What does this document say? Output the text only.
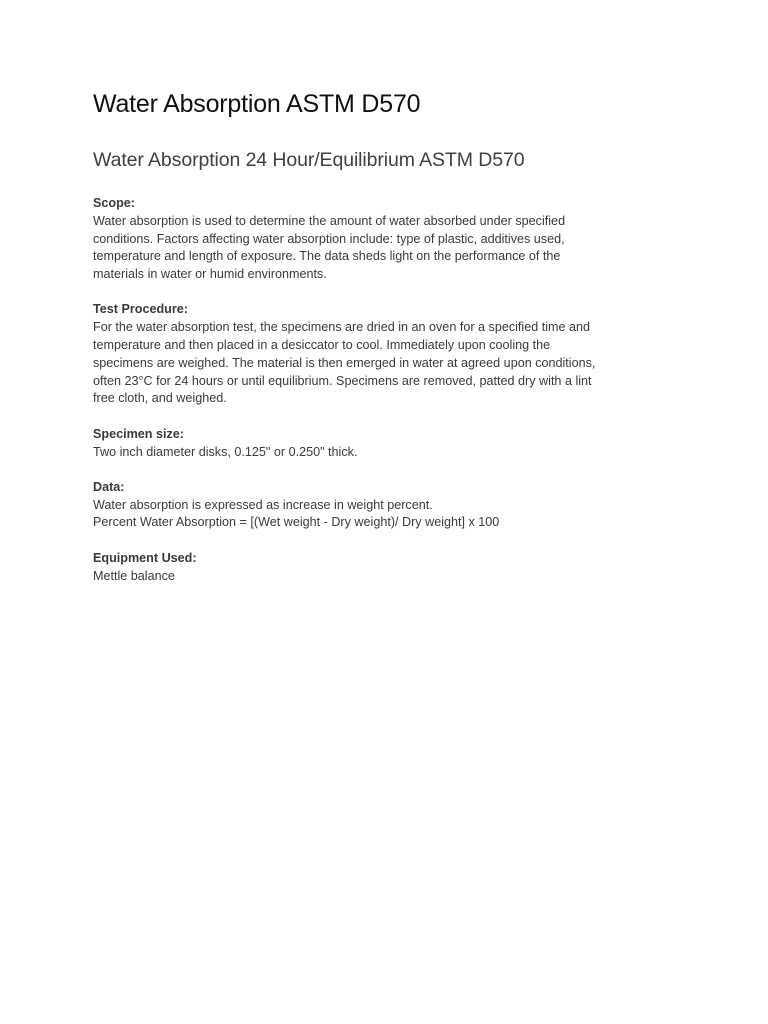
Water Absorption ASTM D570
Water Absorption 24 Hour/Equilibrium ASTM D570
Scope:
Water absorption is used to determine the amount of water absorbed under specified
conditions. Factors affecting water absorption include: type of plastic, additives used,
temperature and length of exposure. The data sheds light on the performance of the
materials in water or humid environments.
Test Procedure:
For the water absorption test, the specimens are dried in an oven for a specified time and
temperature and then placed in a desiccator to cool. Immediately upon cooling the
specimens are weighed. The material is then emerged in water at agreed upon conditions,
often 23°C for 24 hours or until equilibrium. Specimens are removed, patted dry with a lint
free cloth, and weighed.
Specimen size:
Two inch diameter disks, 0.125" or 0.250" thick.
Data:
Water absorption is expressed as increase in weight percent.
Percent Water Absorption = [(Wet weight - Dry weight)/ Dry weight] x 100
Equipment Used:
Mettle balance
